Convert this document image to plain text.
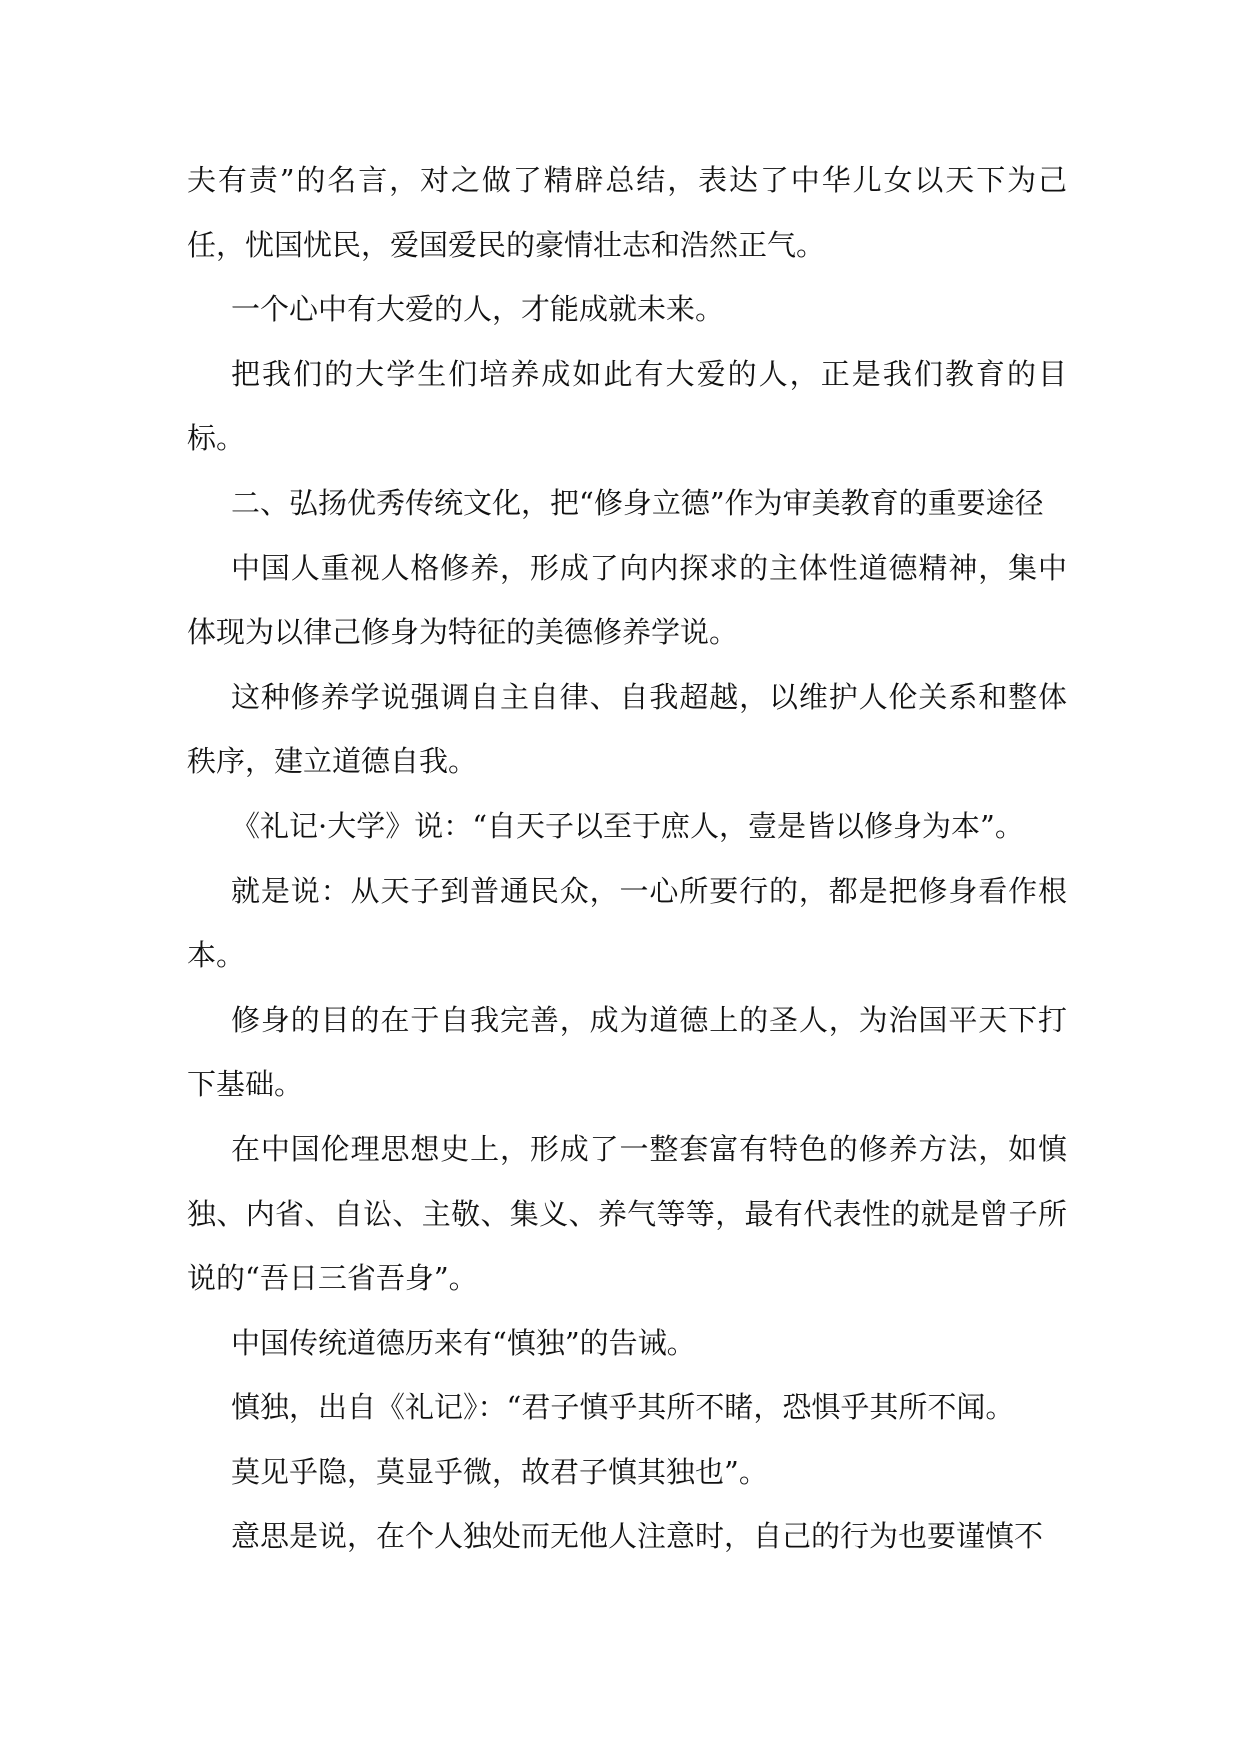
夫有责”的名言，对之做了精辟总结，表达了中华儿女以天下为己任，忧国忧民，爱国爱民的豪情壮志和浩然正气。

一个心中有大爱的人，才能成就未来。

把我们的大学生们培养成如此有大爱的人，正是我们教育的目标。

二、弘扬优秀传统文化，把“修身立德”作为审美教育的重要途径

中国人重视人格修养，形成了向内探求的主体性道德精神，集中体现为以律己修身为特征的美德修养学说。

这种修养学说强调自主自律、自我超越，以维护人伦关系和整体秩序，建立道德自我。

《礼记·大学》说：“自天子以至于庶人，壹是皆以修身为本”。

就是说：从天子到普通民众，一心所要行的，都是把修身看作根本。

修身的目的在于自我完善，成为道德上的圣人，为治国平天下打下基础。

在中国伦理思想史上，形成了一整套富有特色的修养方法，如慎独、内省、自讼、主敬、集义、养气等等，最有代表性的就是曾子所说的“吾日三省吾身”。

中国传统道德历来有“慎独”的告诫。

慎独，出自《礼记》：“君子慎乎其所不睹，恐惧乎其所不闻。

莫见乎隐，莫显乎微，故君子慎其独也”。

意思是说，在个人独处而无他人注意时，自己的行为也要谨慎不
